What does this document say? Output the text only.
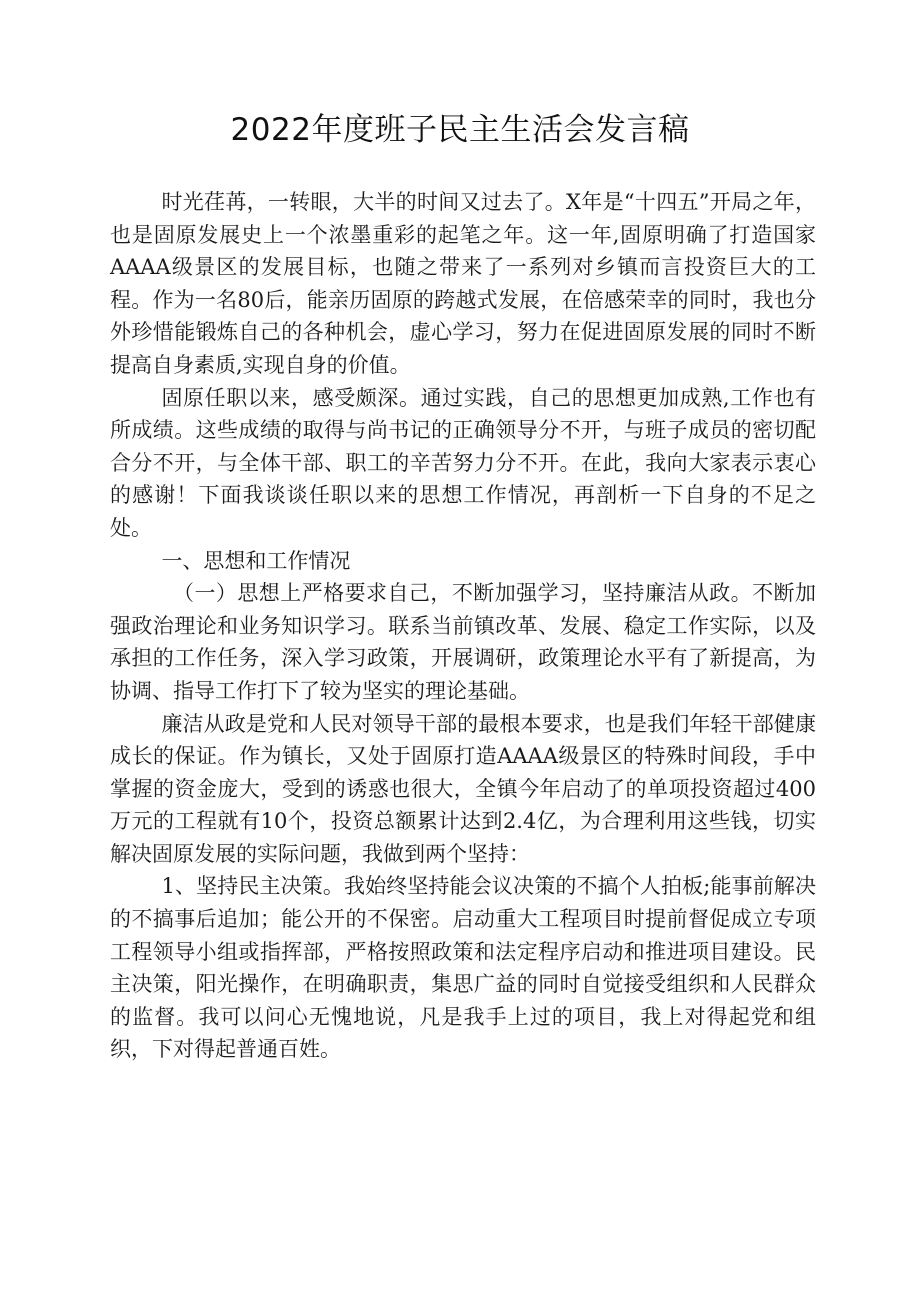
2022年度班子民主生活会发言稿

时光荏苒，一转眼，大半的时间又过去了。X年是“十四五”开局之年，也是固原发展史上一个浓墨重彩的起笔之年。这一年,固原明确了打造国家AAAA级景区的发展目标，也随之带来了一系列对乡镇而言投资巨大的工程。作为一名80后，能亲历固原的跨越式发展，在倍感荣幸的同时，我也分外珍惜能锻炼自己的各种机会，虚心学习，努力在促进固原发展的同时不断提高自身素质,实现自身的价值。

固原任职以来，感受颇深。通过实践，自己的思想更加成熟,工作也有所成绩。这些成绩的取得与尚书记的正确领导分不开，与班子成员的密切配合分不开，与全体干部、职工的辛苦努力分不开。在此，我向大家表示衷心的感谢！下面我谈谈任职以来的思想工作情况，再剖析一下自身的不足之处。

一、思想和工作情况

（一）思想上严格要求自己，不断加强学习，坚持廉洁从政。不断加强政治理论和业务知识学习。联系当前镇改革、发展、稳定工作实际，以及承担的工作任务，深入学习政策，开展调研，政策理论水平有了新提高，为协调、指导工作打下了较为坚实的理论基础。

廉洁从政是党和人民对领导干部的最根本要求，也是我们年轻干部健康成长的保证。作为镇长，又处于固原打造AAAA级景区的特殊时间段，手中掌握的资金庞大，受到的诱惑也很大，全镇今年启动了的单项投资超过400万元的工程就有10个，投资总额累计达到2.4亿，为合理利用这些钱，切实解决固原发展的实际问题，我做到两个坚持：

1、坚持民主决策。我始终坚持能会议决策的不搞个人拍板;能事前解决的不搞事后追加；能公开的不保密。启动重大工程项目时提前督促成立专项工程领导小组或指挥部，严格按照政策和法定程序启动和推进项目建设。民主决策，阳光操作，在明确职责，集思广益的同时自觉接受组织和人民群众的监督。我可以问心无愧地说，凡是我手上过的项目，我上对得起党和组织，下对得起普通百姓。
